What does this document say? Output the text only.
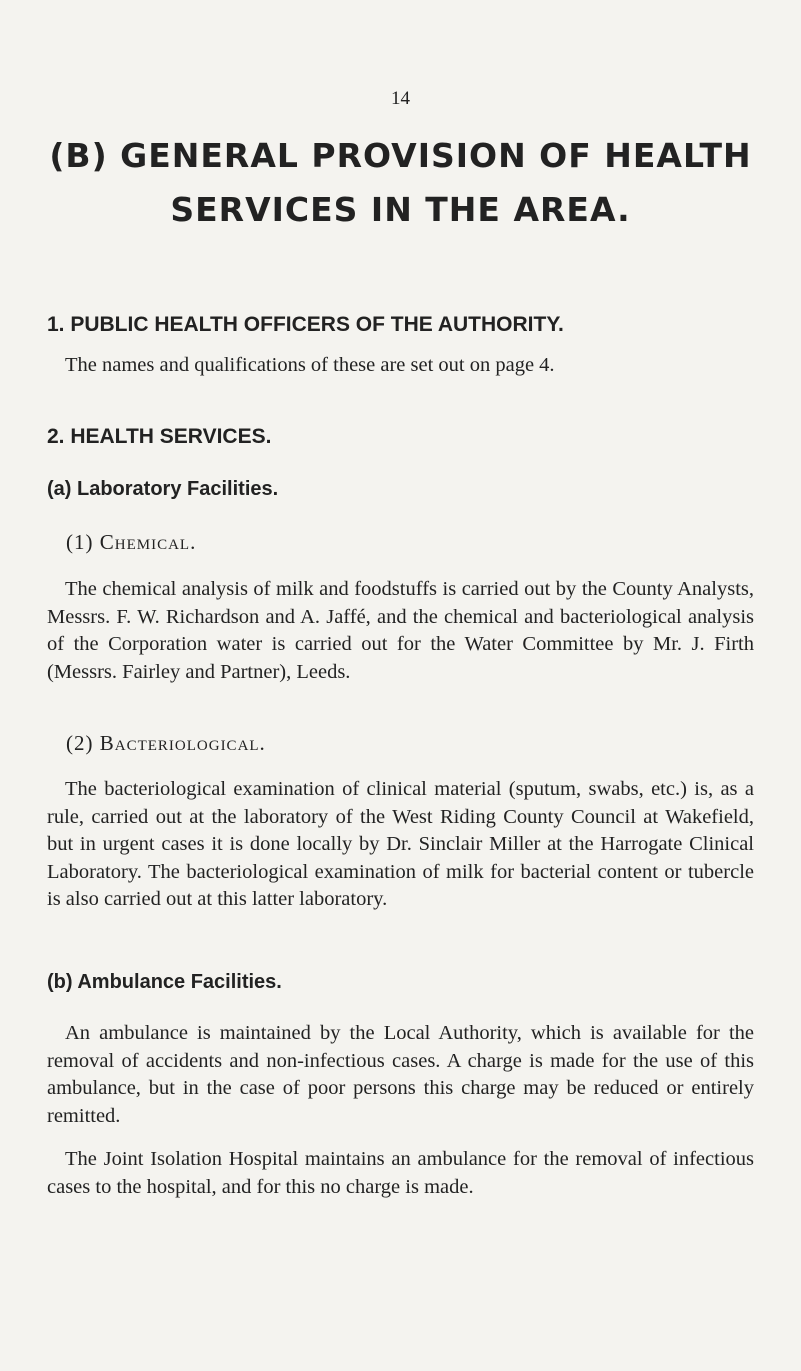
14
(B) GENERAL PROVISION OF HEALTH
SERVICES IN THE AREA.
1. PUBLIC HEALTH OFFICERS OF THE AUTHORITY.

The names and qualifications of these are set out on page 4.

2. HEALTH SERVICES.
(a) Laboratory Facilities.
(1) Chemical.

The chemical analysis of milk and foodstuffs is carried out by the County Analysts, Messrs. F. W. Richardson and A. Jaffé, and the chemical and bacteriological analysis of the Corporation water is carried out for the Water Committee by Mr. J. Firth (Messrs. Fairley and Partner), Leeds.

(2) Bacteriological.

The bacteriological examination of clinical material (sputum, swabs, etc.) is, as a rule, carried out at the laboratory of the West Riding County Council at Wakefield, but in urgent cases it is done locally by Dr. Sinclair Miller at the Harrogate Clinical Laboratory. The bacteriological examination of milk for bacterial content or tubercle is also carried out at this latter laboratory.

(b) Ambulance Facilities.

An ambulance is maintained by the Local Authority, which is available for the removal of accidents and non-infectious cases. A charge is made for the use of this ambulance, but in the case of poor persons this charge may be reduced or entirely remitted.

The Joint Isolation Hospital maintains an ambulance for the removal of infectious cases to the hospital, and for this no charge is made.
